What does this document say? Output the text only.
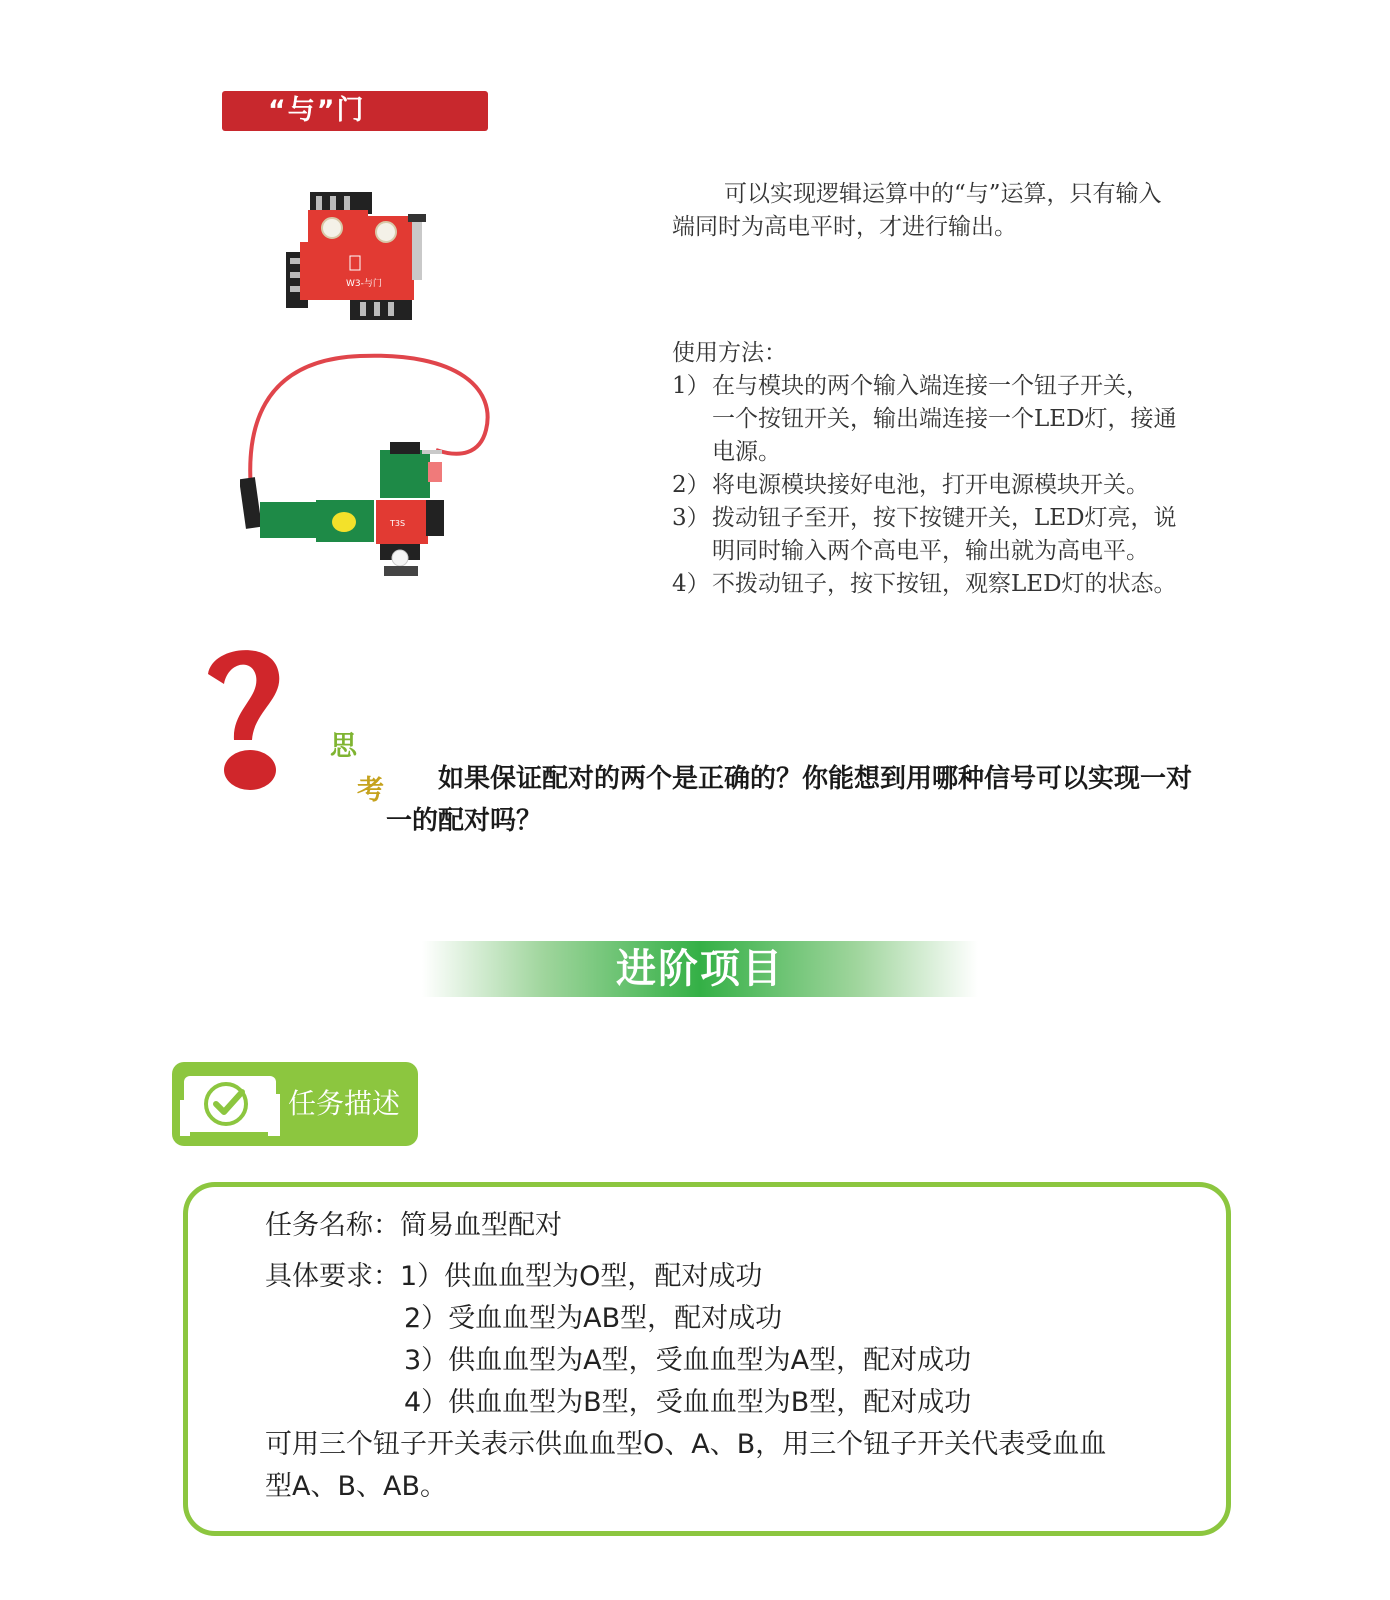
“与”门
W3-与门
T3S
可以实现逻辑运算中的“与”运算，只有输入
端同时为高电平时，才进行输出。
使用方法：
1） 在与模块的两个输入端连接一个钮子开关，
一个按钮开关，输出端连接一个LED灯，接通
电源。
2） 将电源模块接好电池，打开电源模块开关。
3） 拨动钮子至开，按下按键开关，LED灯亮，说
明同时输入两个高电平，输出就为高电平。
4） 不拨动钮子，按下按钮，观察LED灯的状态。
思
考	如果保证配对的两个是正确的？你能想到用哪种信号可以实现一对
一的配对吗？
进阶项目
任务描述
任务名称：简易血型配对
具体要求：1）供血血型为O型，配对成功
2）受血血型为AB型，配对成功
3）供血血型为A型，受血血型为A型，配对成功
4）供血血型为B型，受血血型为B型，配对成功
可用三个钮子开关表示供血血型O、A、B，用三个钮子开关代表受血血
型A、B、AB。
